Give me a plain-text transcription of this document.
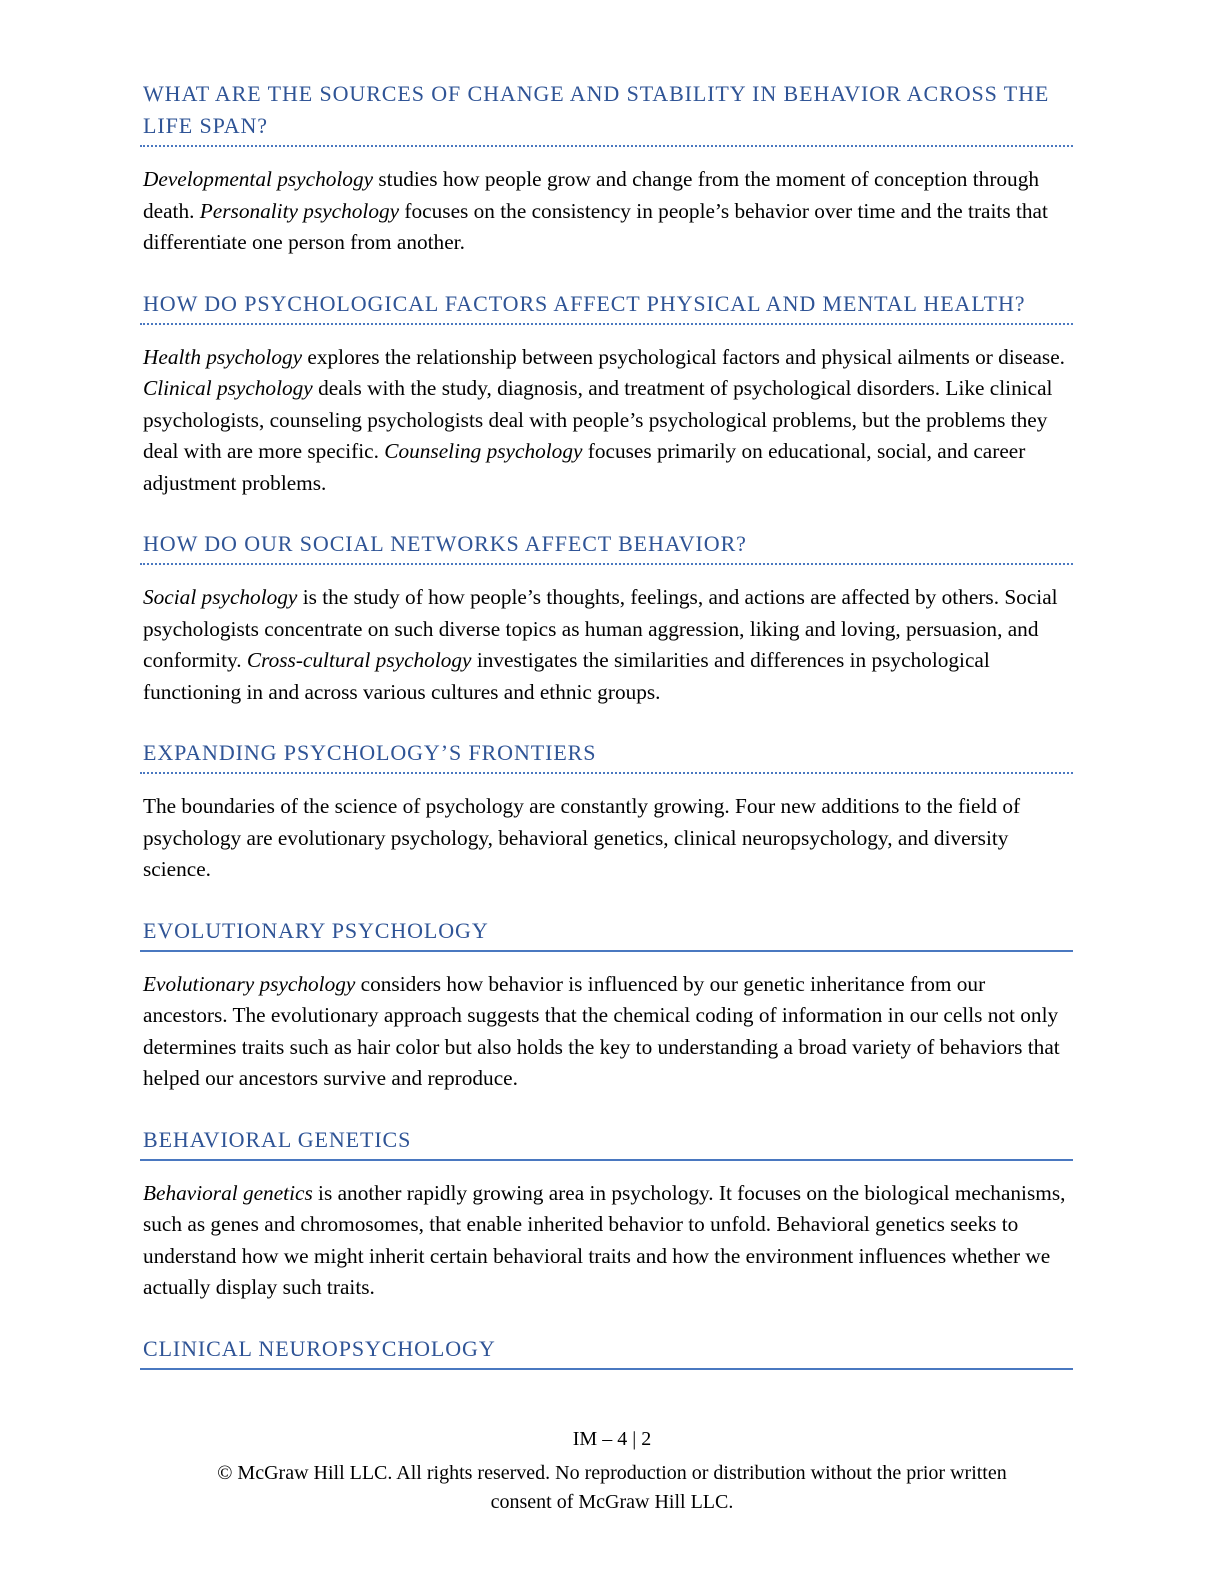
WHAT ARE THE SOURCES OF CHANGE AND STABILITY IN BEHAVIOR ACROSS THE LIFE SPAN?

Developmental psychology studies how people grow and change from the moment of conception through death. Personality psychology focuses on the consistency in people’s behavior over time and the traits that differentiate one person from another.

HOW DO PSYCHOLOGICAL FACTORS AFFECT PHYSICAL AND MENTAL HEALTH?

Health psychology explores the relationship between psychological factors and physical ailments or disease. Clinical psychology deals with the study, diagnosis, and treatment of psychological disorders. Like clinical psychologists, counseling psychologists deal with people’s psychological problems, but the problems they deal with are more specific. Counseling psychology focuses primarily on educational, social, and career adjustment problems.

HOW DO OUR SOCIAL NETWORKS AFFECT BEHAVIOR?

Social psychology is the study of how people’s thoughts, feelings, and actions are affected by others. Social psychologists concentrate on such diverse topics as human aggression, liking and loving, persuasion, and conformity. Cross-cultural psychology investigates the similarities and differences in psychological functioning in and across various cultures and ethnic groups.

EXPANDING PSYCHOLOGY’S FRONTIERS

The boundaries of the science of psychology are constantly growing. Four new additions to the field of psychology are evolutionary psychology, behavioral genetics, clinical neuropsychology, and diversity science.

EVOLUTIONARY PSYCHOLOGY

Evolutionary psychology considers how behavior is influenced by our genetic inheritance from our ancestors. The evolutionary approach suggests that the chemical coding of information in our cells not only determines traits such as hair color but also holds the key to understanding a broad variety of behaviors that helped our ancestors survive and reproduce.

BEHAVIORAL GENETICS

Behavioral genetics is another rapidly growing area in psychology. It focuses on the biological mechanisms, such as genes and chromosomes, that enable inherited behavior to unfold. Behavioral genetics seeks to understand how we might inherit certain behavioral traits and how the environment influences whether we actually display such traits.

CLINICAL NEUROPSYCHOLOGY
IM – 4 | 2
© McGraw Hill LLC. All rights reserved. No reproduction or distribution without the prior written
consent of McGraw Hill LLC.
